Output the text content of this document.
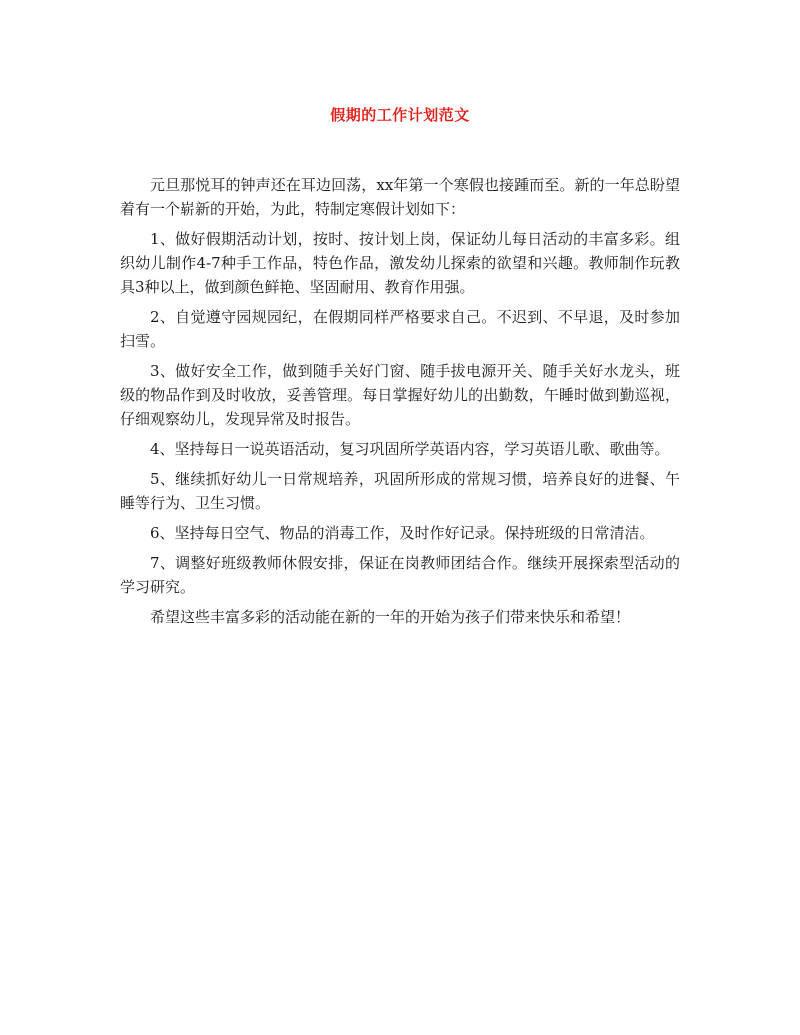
假期的工作计划范文

元旦那悦耳的钟声还在耳边回荡，xx年第一个寒假也接踵而至。新的一年总盼望着有一个崭新的开始，为此，特制定寒假计划如下：

1、做好假期活动计划，按时、按计划上岗，保证幼儿每日活动的丰富多彩。组织幼儿制作4-7种手工作品，特色作品，激发幼儿探索的欲望和兴趣。教师制作玩教具3种以上，做到颜色鲜艳、坚固耐用、教育作用强。

2、自觉遵守园规园纪，在假期同样严格要求自己。不迟到、不早退，及时参加扫雪。

3、做好安全工作，做到随手关好门窗、随手拔电源开关、随手关好水龙头，班级的物品作到及时收放，妥善管理。每日掌握好幼儿的出勤数，午睡时做到勤巡视，仔细观察幼儿，发现异常及时报告。

4、坚持每日一说英语活动，复习巩固所学英语内容，学习英语儿歌、歌曲等。

5、继续抓好幼儿一日常规培养，巩固所形成的常规习惯，培养良好的进餐、午睡等行为、卫生习惯。

6、坚持每日空气、物品的消毒工作，及时作好记录。保持班级的日常清洁。

7、调整好班级教师休假安排，保证在岗教师团结合作。继续开展探索型活动的学习研究。

希望这些丰富多彩的活动能在新的一年的开始为孩子们带来快乐和希望！
